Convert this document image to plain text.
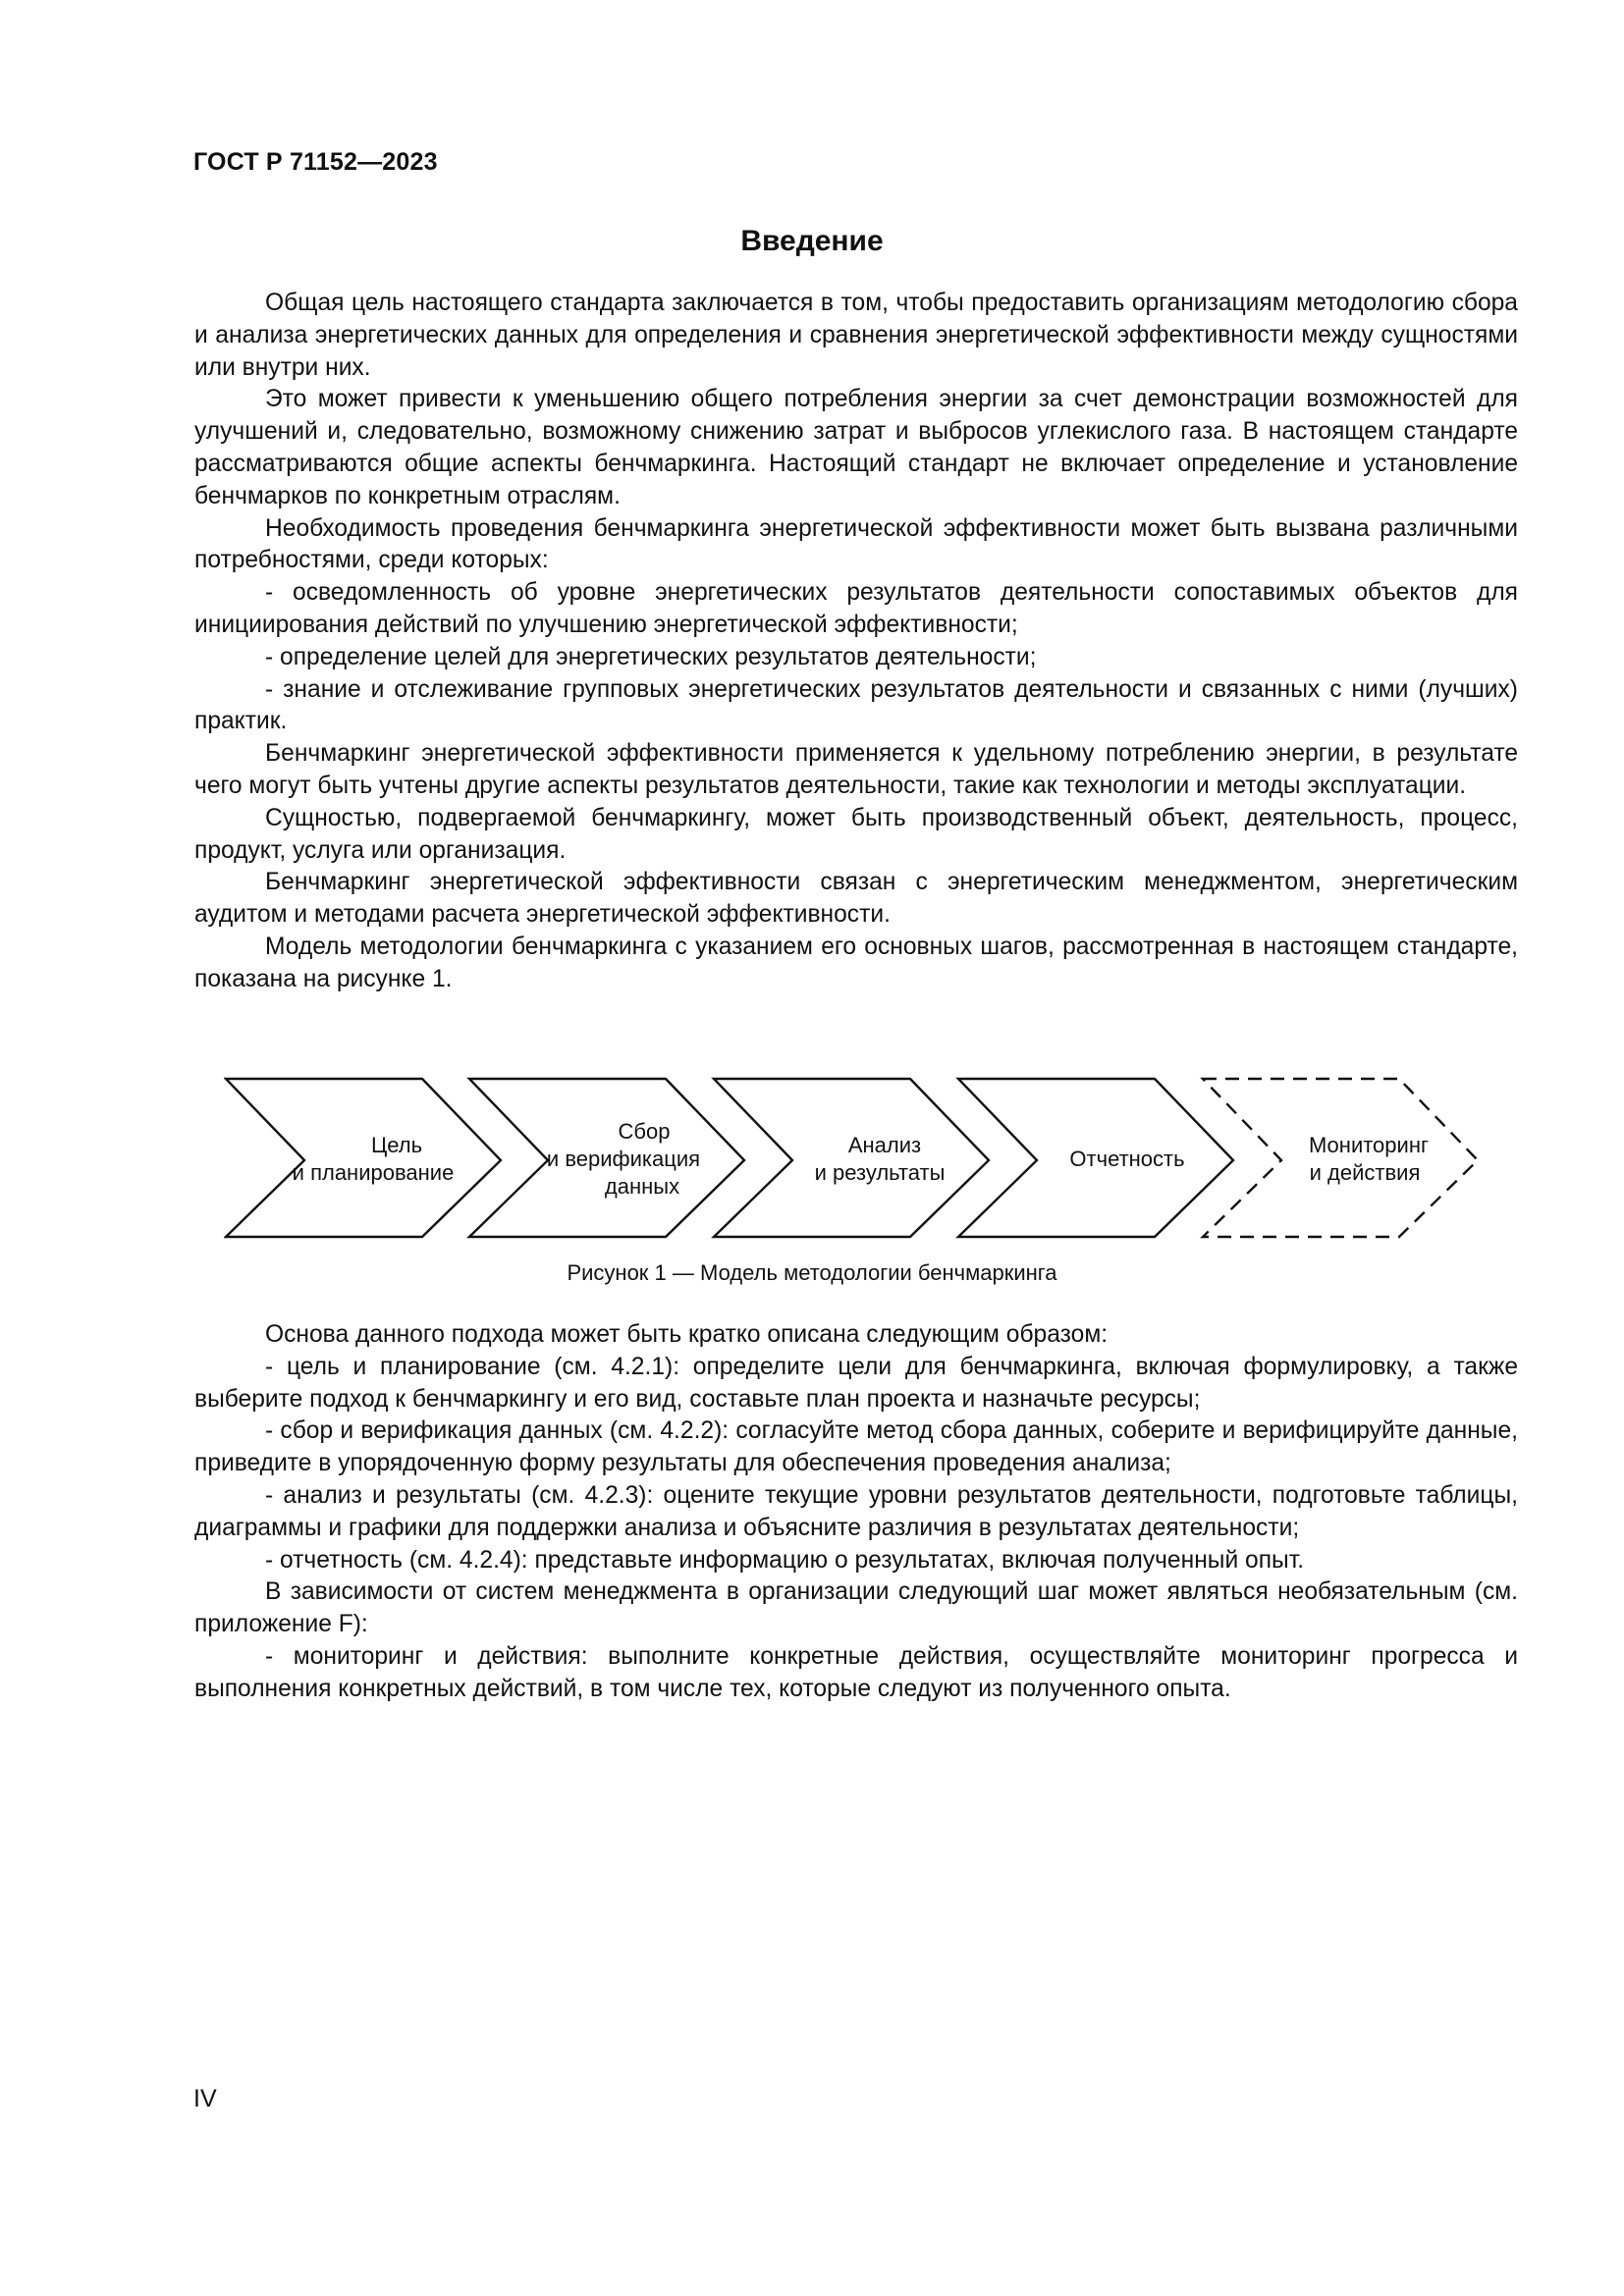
ГОСТ Р 71152—2023
Введение

Общая цель настоящего стандарта заключается в том, чтобы предоставить организациям методологию сбора и анализа энергетических данных для определения и сравнения энергетической эффективности между сущностями или внутри них.

Это может привести к уменьшению общего потребления энергии за счет демонстрации возможностей для улучшений и, следовательно, возможному снижению затрат и выбросов углекислого газа. В настоящем стандарте рассматриваются общие аспекты бенчмаркинга. Настоящий стандарт не включает определение и установление бенчмарков по конкретным отраслям.

Необходимость проведения бенчмаркинга энергетической эффективности может быть вызвана различными потребностями, среди которых:

- осведомленность об уровне энергетических результатов деятельности сопоставимых объектов для инициирования действий по улучшению энергетической эффективности;

- определение целей для энергетических результатов деятельности;

- знание и отслеживание групповых энергетических результатов деятельности и связанных с ними (лучших) практик.

Бенчмаркинг энергетической эффективности применяется к удельному потреблению энергии, в результате чего могут быть учтены другие аспекты результатов деятельности, такие как технологии и методы эксплуатации.

Сущностью, подвергаемой бенчмаркингу, может быть производственный объект, деятельность, процесс, продукт, услуга или организация.

Бенчмаркинг энергетической эффективности связан с энергетическим менеджментом, энергетическим аудитом и методами расчета энергетической эффективности.

Модель методологии бенчмаркинга с указанием его основных шагов, рассмотренная в настоящем стандарте, показана на рисунке 1.

Цель
и планирование
Сбор
и верификация
данных
Анализ
и результаты
Отчетность
Мониторинг
и действия
Рисунок 1 — Модель методологии бенчмаркинга

Основа данного подхода может быть кратко описана следующим образом:

- цель и планирование (см. 4.2.1): определите цели для бенчмаркинга, включая формулировку, а также выберите подход к бенчмаркингу и его вид, составьте план проекта и назначьте ресурсы;

- сбор и верификация данных (см. 4.2.2): согласуйте метод сбора данных, соберите и верифицируйте данные, приведите в упорядоченную форму результаты для обеспечения проведения анализа;

- анализ и результаты (см. 4.2.3): оцените текущие уровни результатов деятельности, подготовьте таблицы, диаграммы и графики для поддержки анализа и объясните различия в результатах деятельности;

- отчетность (см. 4.2.4): представьте информацию о результатах, включая полученный опыт.

В зависимости от систем менеджмента в организации следующий шаг может являться необязательным (см. приложение F):

- мониторинг и действия: выполните конкретные действия, осуществляйте мониторинг прогресса и выполнения конкретных действий, в том числе тех, которые следуют из полученного опыта.

IV
